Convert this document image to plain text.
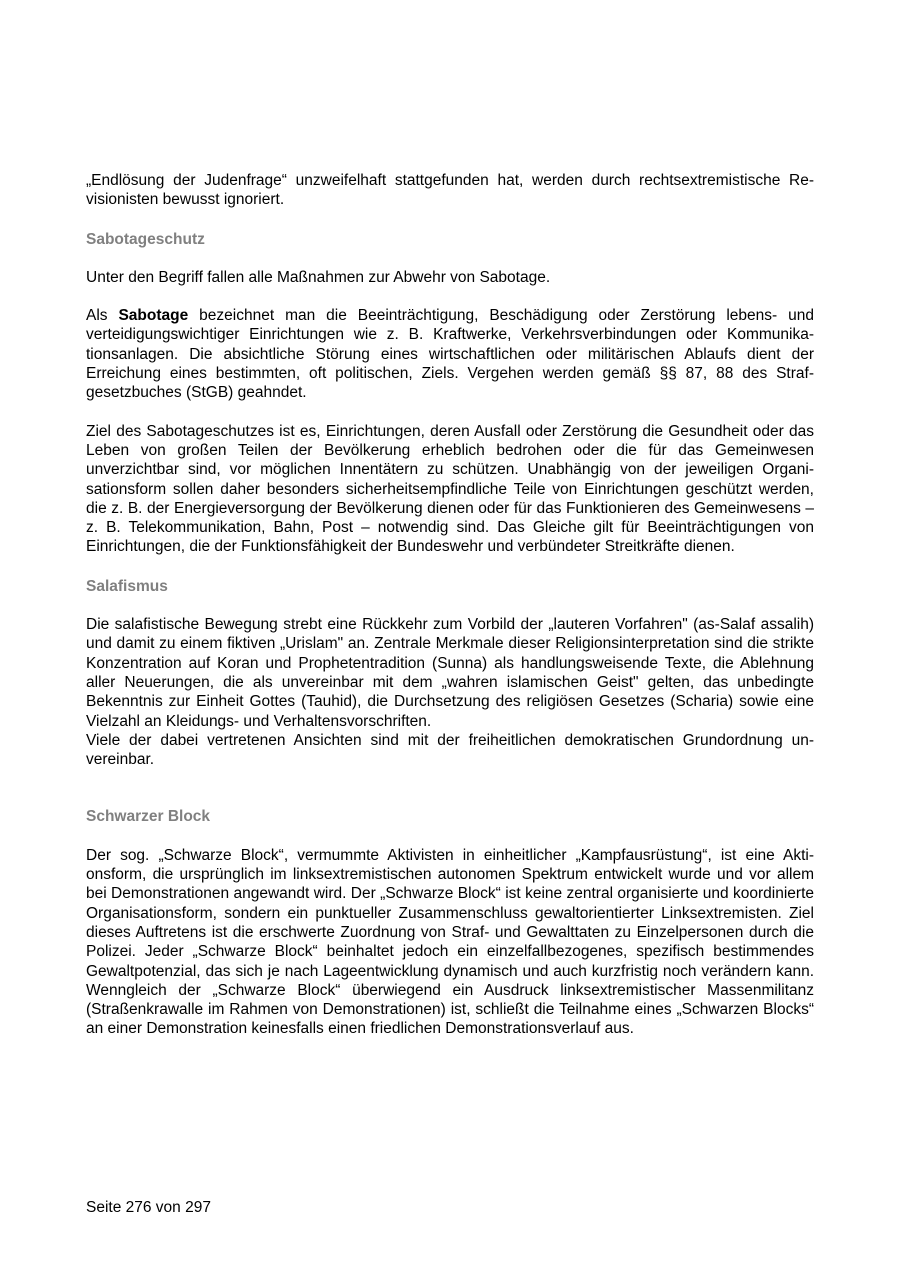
„Endlösung der Judenfrage“ unzweifelhaft stattgefunden hat, werden durch rechtsextremistische Revisionisten bewusst ignoriert.

Sabotageschutz

Unter den Begriff fallen alle Maßnahmen zur Abwehr von Sabotage.

Als Sabotage bezeichnet man die Beeinträchtigung, Beschädigung oder Zerstörung lebens- und verteidigungswichtiger Einrichtungen wie z. B. Kraftwerke, Verkehrsverbindungen oder Kommunikationsanlagen. Die absichtliche Störung eines wirtschaftlichen oder militärischen Ablaufs dient der Erreichung eines bestimmten, oft politischen, Ziels. Vergehen werden gemäß §§ 87, 88 des Strafgesetzbuches (StGB) geahndet.

Ziel des Sabotageschutzes ist es, Einrichtungen, deren Ausfall oder Zerstörung die Gesundheit oder das Leben von großen Teilen der Bevölkerung erheblich bedrohen oder die für das Gemeinwesen unverzichtbar sind, vor möglichen Innentätern zu schützen. Unabhängig von der jeweiligen Organisationsform sollen daher besonders sicherheitsempfindliche Teile von Einrichtungen geschützt werden, die z. B. der Energieversorgung der Bevölkerung dienen oder für das Funktionieren des Gemeinwesens – z. B. Telekommunikation, Bahn, Post – notwendig sind. Das Gleiche gilt für Beeinträchtigungen von Einrichtungen, die der Funktionsfähigkeit der Bundeswehr und verbündeter Streitkräfte dienen.

Salafismus

Die salafistische Bewegung strebt eine Rückkehr zum Vorbild der „lauteren Vorfahren" (as-Salaf assalih) und damit zu einem fiktiven „Urislam" an. Zentrale Merkmale dieser Religionsinterpretation sind die strikte Konzentration auf Koran und Prophetentradition (Sunna) als handlungsweisende Texte, die Ablehnung aller Neuerungen, die als unvereinbar mit dem „wahren islamischen Geist" gelten, das unbedingte Bekenntnis zur Einheit Gottes (Tauhid), die Durchsetzung des religiösen Gesetzes (Scharia) sowie eine Vielzahl an Kleidungs- und Verhaltensvorschriften.

Viele der dabei vertretenen Ansichten sind mit der freiheitlichen demokratischen Grundordnung unvereinbar.

Schwarzer Block

Der sog. „Schwarze Block“, vermummte Aktivisten in einheitlicher „Kampfausrüstung“, ist eine Aktionsform, die ursprünglich im linksextremistischen autonomen Spektrum entwickelt wurde und vor allem bei Demonstrationen angewandt wird. Der „Schwarze Block“ ist keine zentral organisierte und koordinierte Organisationsform, sondern ein punktueller Zusammenschluss gewaltorientierter Linksextremisten. Ziel dieses Auftretens ist die erschwerte Zuordnung von Straf- und Gewalttaten zu Einzelpersonen durch die Polizei. Jeder „Schwarze Block“ beinhaltet jedoch ein einzelfallbezogenes, spezifisch bestimmendes Gewaltpotenzial, das sich je nach Lageentwicklung dynamisch und auch kurzfristig noch verändern kann. Wenngleich der „Schwarze Block“ überwiegend ein Ausdruck linksextremistischer Massenmilitanz (Straßenkrawalle im Rahmen von Demonstrationen) ist, schließt die Teilnahme eines „Schwarzen Blocks“ an einer Demonstration keinesfalls einen friedlichen Demonstrationsverlauf aus.

Seite 276 von 297
